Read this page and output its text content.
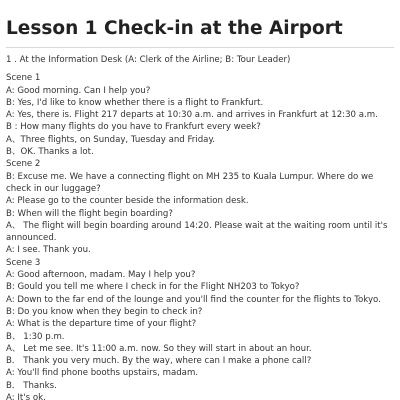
Lesson 1 Check-in at the Airport

1 . At the Information Desk (A: Clerk of the Airline; B: Tour Leader)

Scene 1

A: Good morning. Can I help you?

B: Yes, I'd like to know whether there is a flight to Frankfurt.

A: Yes, there is. Flight 217 departs at 10:30 a.m. and arrives in Frankfurt at 12:30 a.m.

B : How many flights do you have to Frankfurt every week?

A、Three flights, on Sunday, Tuesday and Friday.

B、OK. Thanks a lot.

Scene 2

B: Excuse me. We have a connecting flight on MH 235 to Kuala Lumpur. Where do we check in our luggage?

A: Please go to the counter beside the information desk.

B: When will the flight begin boarding?

A、 The flight will begin boarding around 14:20. Please wait at the waiting room until it's announced.

A: I see. Thank you.

Scene 3

A: Good afternoon, madam. May I help you?

B: Gould you tell me where I check in for the Flight NH203 to Tokyo?

A: Down to the far end of the lounge and you'll find the counter for the flights to Tokyo.

B: Do you know when they begin to check in?

A: What is the departure time of your flight?

B、 1:30 p.m.

A、 Let me see. It's 11:00 a.m. now. So they will start in about an hour.

B． Thank you very much. By the way, where can I make a phone call?

A: You'll find phone booths upstairs, madam.

B． Thanks.

A: It's ok.
